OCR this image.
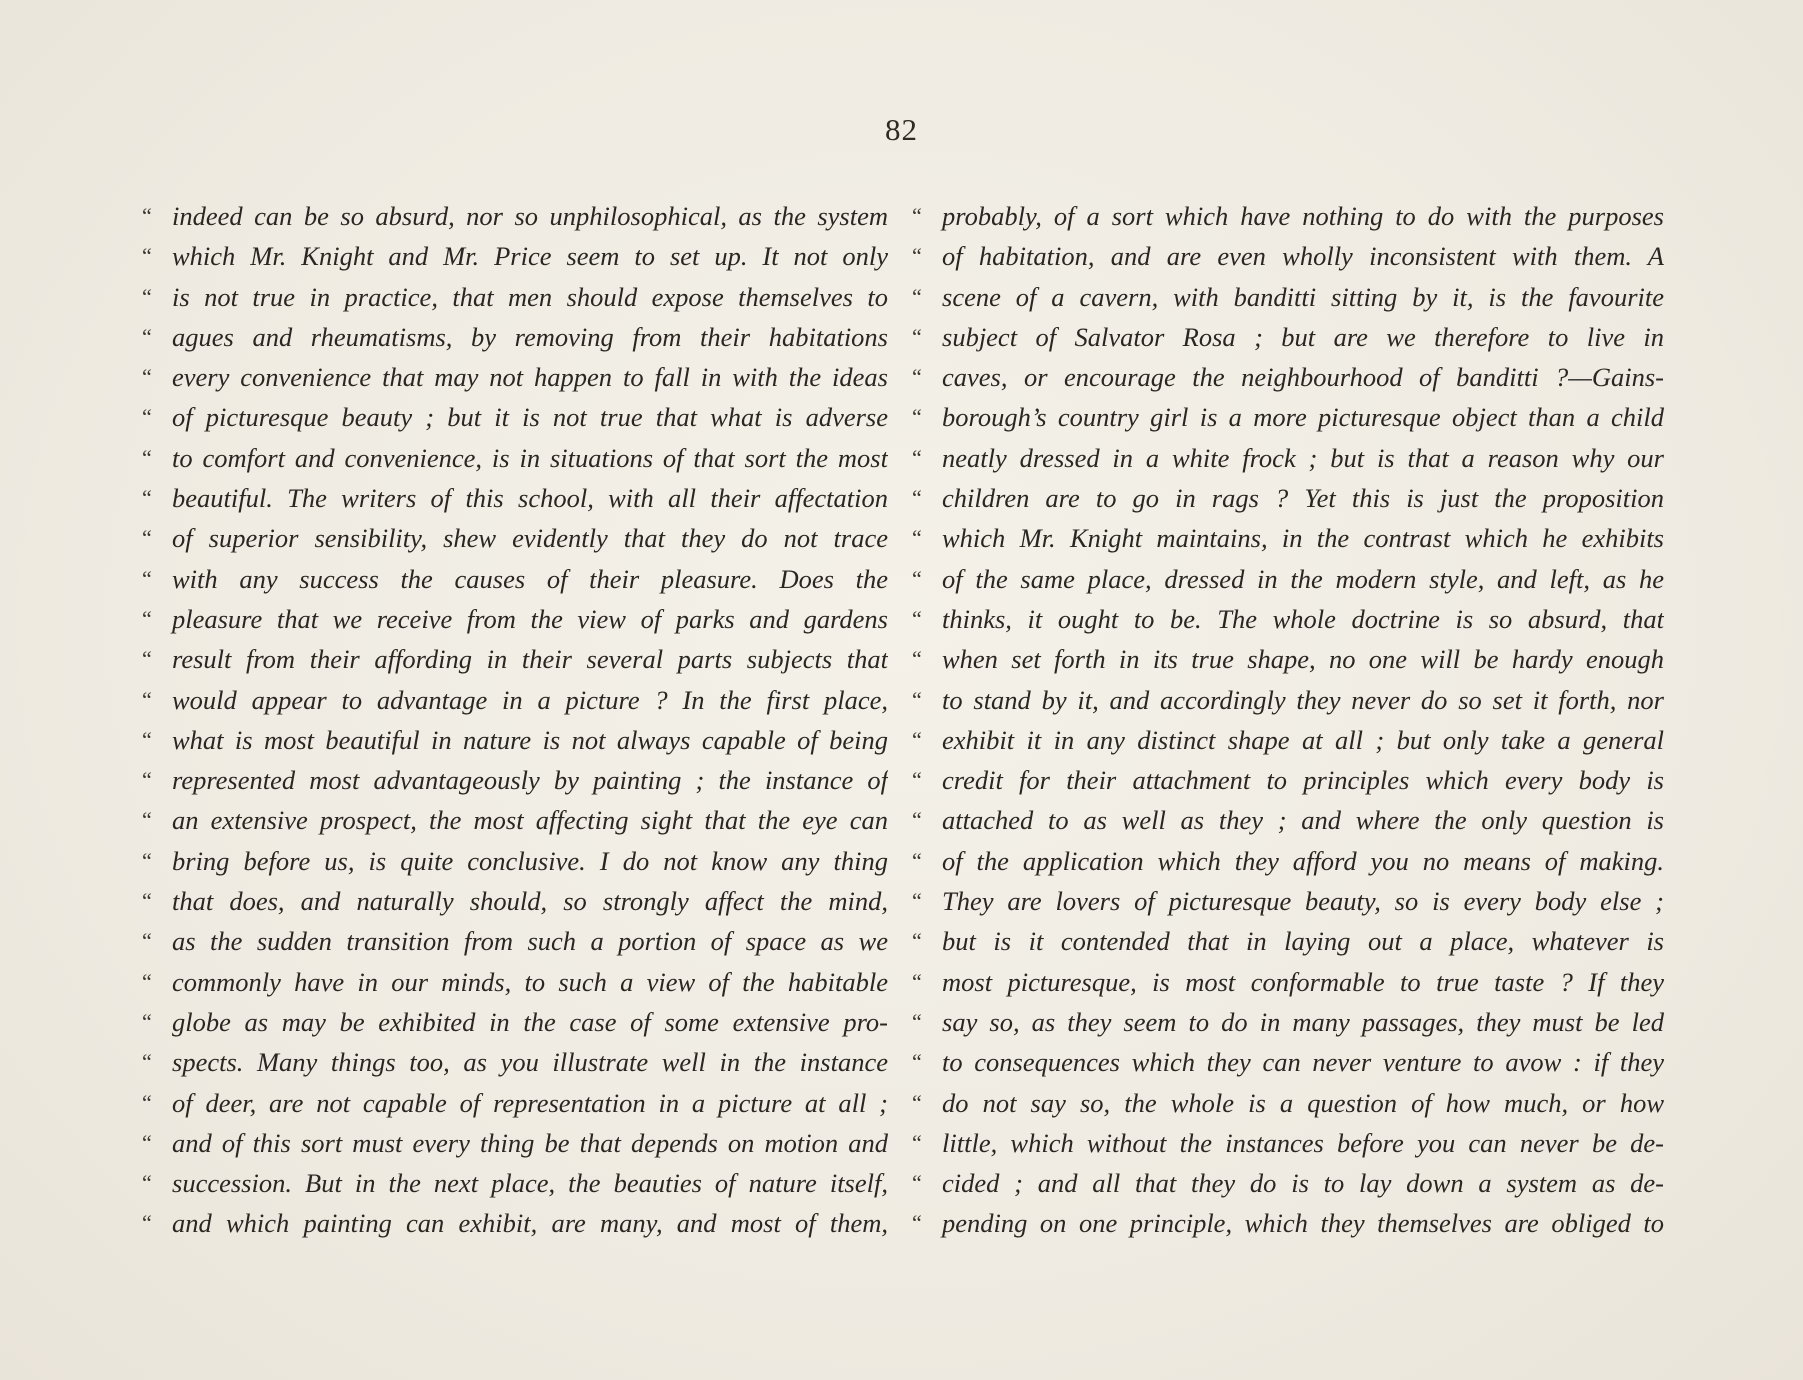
82
“ indeed can be so absurd, nor so unphilosophical, as the system
“ which Mr. Knight and Mr. Price seem to set up. It not only
“ is not true in practice, that men should expose themselves to
“ agues and rheumatisms, by removing from their habitations
“ every convenience that may not happen to fall in with the ideas
“ of picturesque beauty ; but it is not true that what is adverse
“ to comfort and convenience, is in situations of that sort the most
“ beautiful. The writers of this school, with all their affectation
“ of superior sensibility, shew evidently that they do not trace
“ with any success the causes of their pleasure. Does the
“ pleasure that we receive from the view of parks and gardens
“ result from their affording in their several parts subjects that
“ would appear to advantage in a picture ? In the first place,
“ what is most beautiful in nature is not always capable of being
“ represented most advantageously by painting ; the instance of
“ an extensive prospect, the most affecting sight that the eye can
“ bring before us, is quite conclusive. I do not know any thing
“ that does, and naturally should, so strongly affect the mind,
“ as the sudden transition from such a portion of space as we
“ commonly have in our minds, to such a view of the habitable
“ globe as may be exhibited in the case of some extensive pro-
“ spects. Many things too, as you illustrate well in the instance
“ of deer, are not capable of representation in a picture at all ;
“ and of this sort must every thing be that depends on motion and
“ succession. But in the next place, the beauties of nature itself,
“ and which painting can exhibit, are many, and most of them,
“ probably, of a sort which have nothing to do with the purposes
“ of habitation, and are even wholly inconsistent with them. A
“ scene of a cavern, with banditti sitting by it, is the favourite
“ subject of Salvator Rosa ; but are we therefore to live in
“ caves, or encourage the neighbourhood of banditti ?—Gains-
“ borough’s country girl is a more picturesque object than a child
“ neatly dressed in a white frock ; but is that a reason why our
“ children are to go in rags ? Yet this is just the proposition
“ which Mr. Knight maintains, in the contrast which he exhibits
“ of the same place, dressed in the modern style, and left, as he
“ thinks, it ought to be. The whole doctrine is so absurd, that
“ when set forth in its true shape, no one will be hardy enough
“ to stand by it, and accordingly they never do so set it forth, nor
“ exhibit it in any distinct shape at all ; but only take a general
“ credit for their attachment to principles which every body is
“ attached to as well as they ; and where the only question is
“ of the application which they afford you no means of making.
“ They are lovers of picturesque beauty, so is every body else ;
“ but is it contended that in laying out a place, whatever is
“ most picturesque, is most conformable to true taste ? If they
“ say so, as they seem to do in many passages, they must be led
“ to consequences which they can never venture to avow : if they
“ do not say so, the whole is a question of how much, or how
“ little, which without the instances before you can never be de-
“ cided ; and all that they do is to lay down a system as de-
“ pending on one principle, which they themselves are obliged to
